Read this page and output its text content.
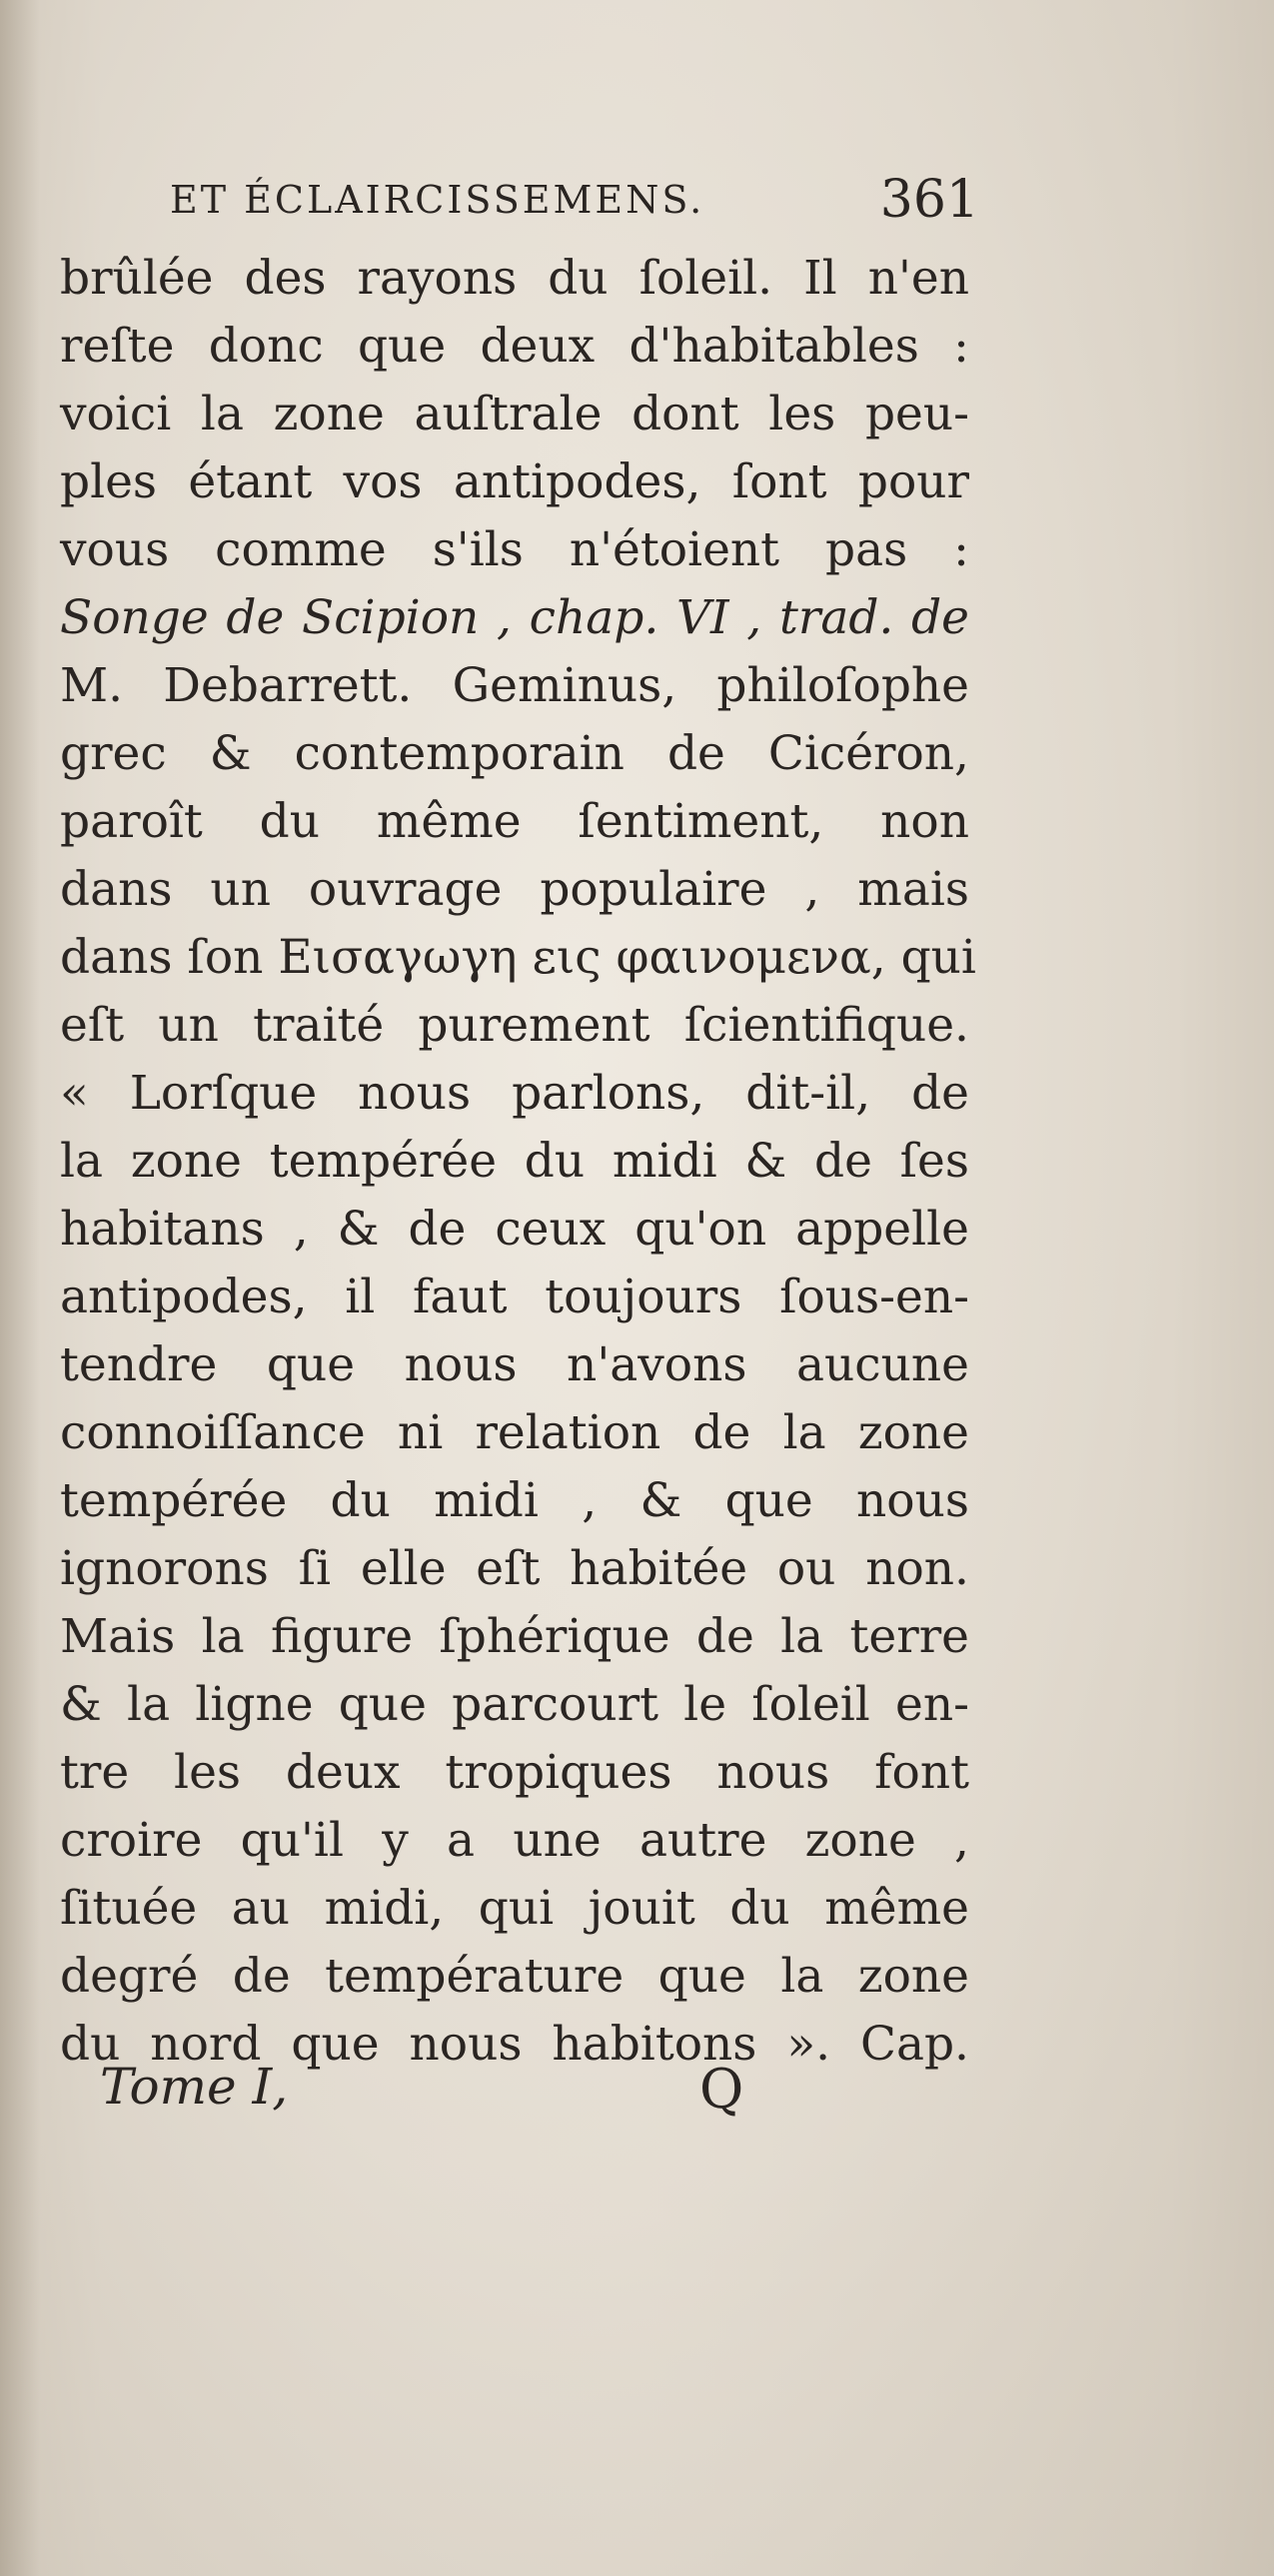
ET ÉCLAIRCISSEMENS.	361
brûlée des rayons du ſoleil. Il n'en
reſte donc que deux d'habitables :
voici la zone auſtrale dont les peu-
ples étant vos antipodes, ſont pour
vous comme s'ils n'étoient pas :
Songe de Scipion , chap. VI , trad. de
M. Debarrett. Geminus, philoſophe
grec & contemporain de Cicéron,
paroît du même ſentiment, non
dans un ouvrage populaire , mais
dans ſon Εισαγωγη εις φαινομενα, qui
eſt un traité purement ſcientifique.
« Lorſque nous parlons, dit-il, de
la zone tempérée du midi & de ſes
habitans , & de ceux qu'on appelle
antipodes, il faut toujours ſous-en-
tendre que nous n'avons aucune
connoiſſance ni relation de la zone
tempérée du midi , & que nous
ignorons ſi elle eſt habitée ou non.
Mais la figure ſphérique de la terre
& la ligne que parcourt le ſoleil en-
tre les deux tropiques nous font
croire qu'il y a une autre zone ,
ſituée au midi, qui jouit du même
degré de température que la zone
du nord que nous habitons ». Cap.
Tome I,	Q
